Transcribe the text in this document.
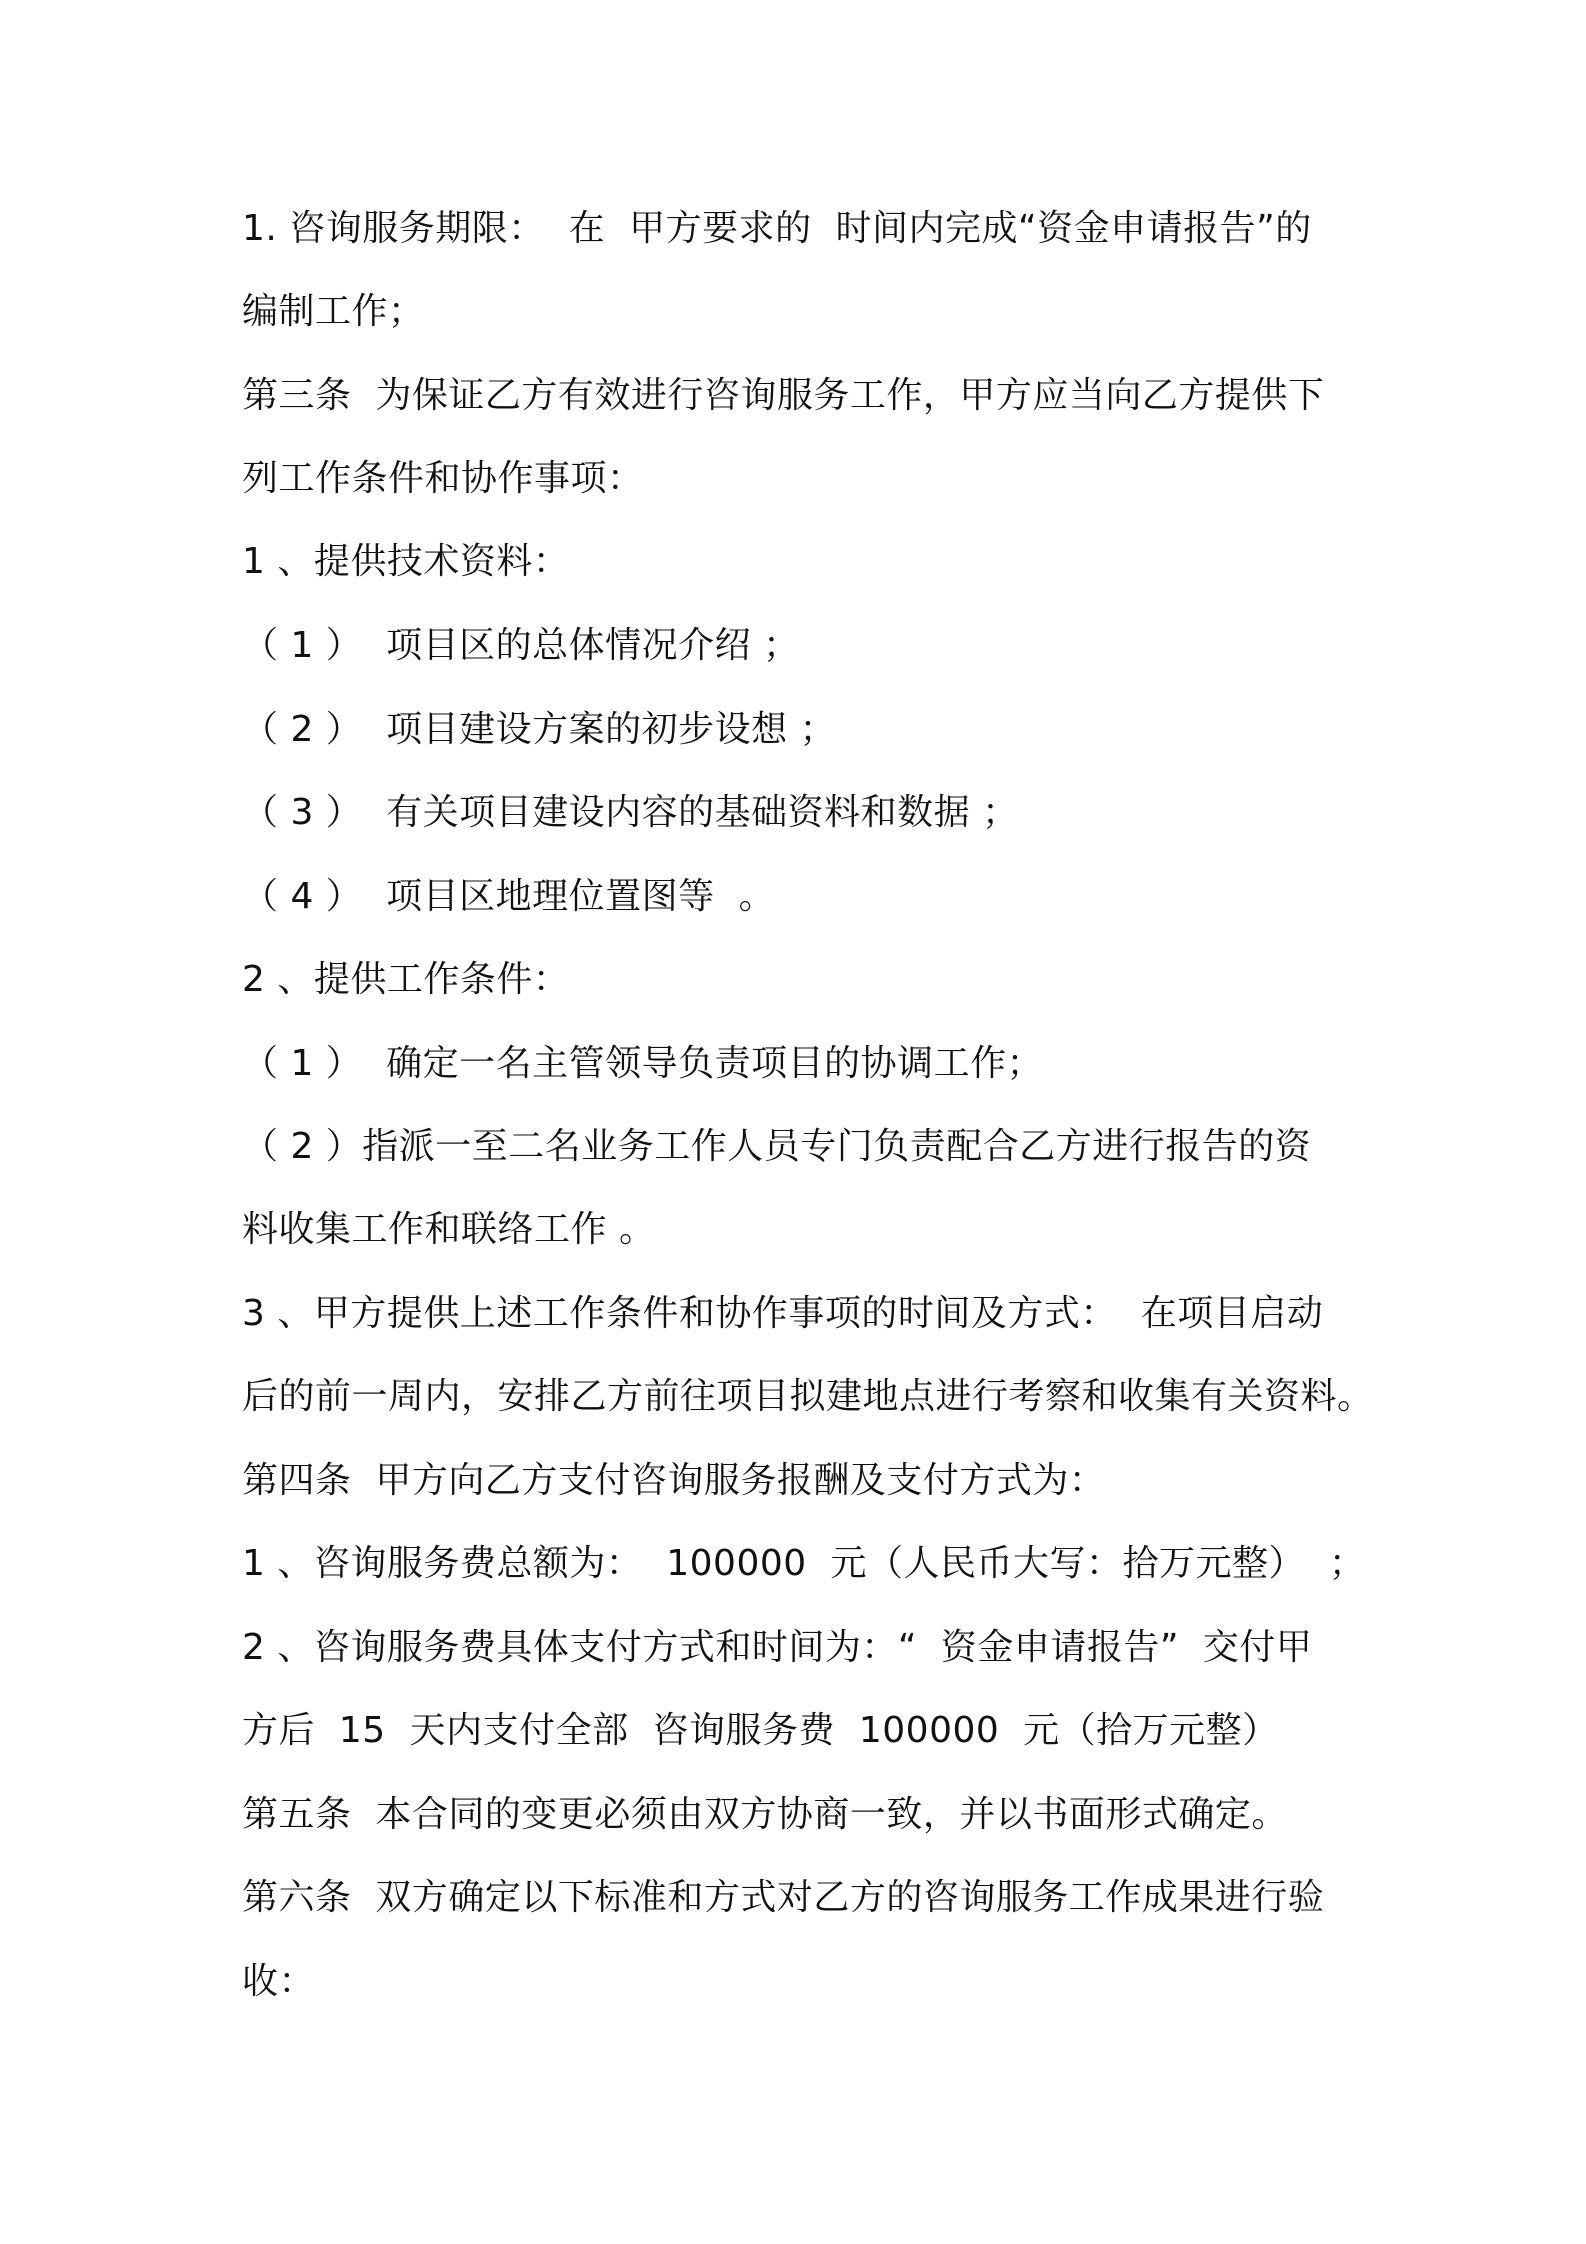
1. 咨询服务期限：  在  甲方要求的  时间内完成“资金申请报告”的
编制工作；
第三条  为保证乙方有效进行咨询服务工作，甲方应当向乙方提供下
列工作条件和协作事项：
1 、提供技术资料：
（ 1 ）  项目区的总体情况介绍 ；
（ 2 ）  项目建设方案的初步设想 ；
（ 3 ）  有关项目建设内容的基础资料和数据 ；
（ 4 ）  项目区地理位置图等  。
2 、提供工作条件：
（ 1 ）  确定一名主管领导负责项目的协调工作；
（ 2 ）指派一至二名业务工作人员专门负责配合乙方进行报告的资
料收集工作和联络工作 。
3 、甲方提供上述工作条件和协作事项的时间及方式：  在项目启动
后的前一周内，安排乙方前往项目拟建地点进行考察和收集有关资料。
第四条  甲方向乙方支付咨询服务报酬及支付方式为：
1 、咨询服务费总额为：  100000  元（人民币大写：拾万元整）  ；
2 、咨询服务费具体支付方式和时间为：“  资金申请报告”  交付甲
方后  15  天内支付全部  咨询服务费  100000  元（拾万元整）
第五条  本合同的变更必须由双方协商一致，并以书面形式确定。
第六条  双方确定以下标准和方式对乙方的咨询服务工作成果进行验
收：
